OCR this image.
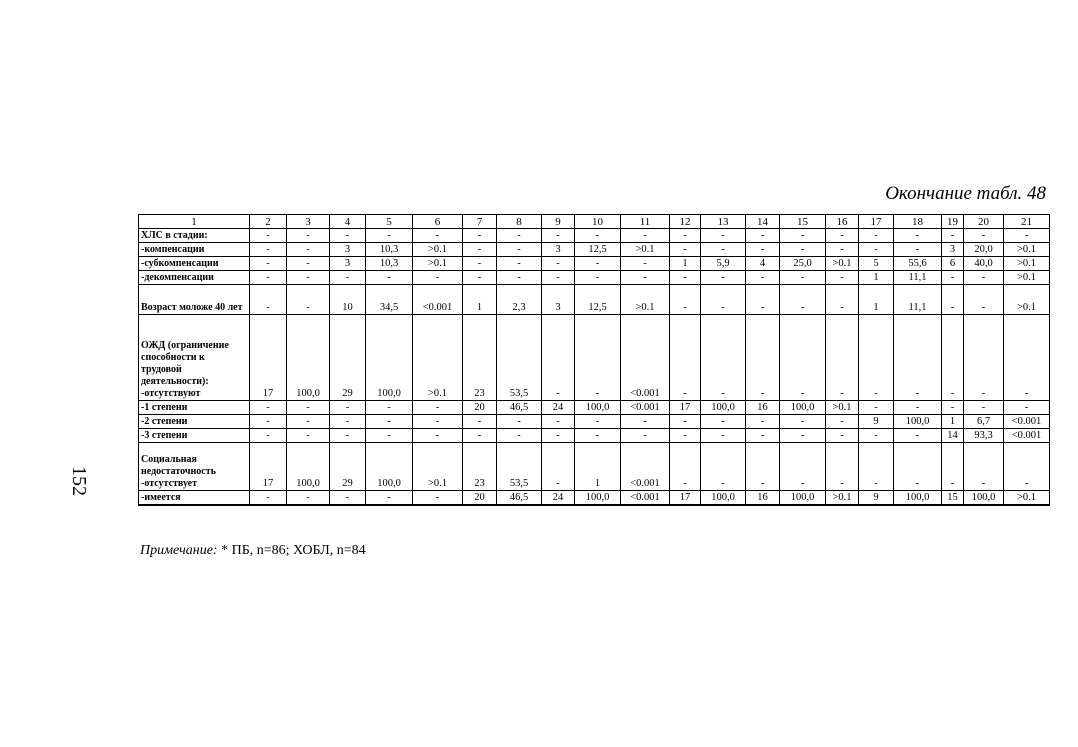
152
Окончание табл. 48
1	2	3	4	5	6	7	8	9	10	11	12	13	14	15	16	17	18	19	20	21
ХЛС в стадии:	-	-	-	-	-	-	-	-	-	-	-	-	-	-	-	-	-	-	-	-
-компенсации	-	-	3	10,3	>0.1	-	-	3	12,5	>0.1	-	-	-	-	-	-	-	3	20,0	>0.1
-субкомпенсации	-	-	3	10,3	>0.1	-	-	-	-	-	1	5,9	4	25,0	>0.1	5	55,6	6	40,0	>0.1
-декомпенсации	-	-	-	-	-	-	-	-	-	-	-	-	-	-	-	1	11,1	-	-	>0.1
Возраст моложе 40 лет	-	-	10	34,5	<0.001	1	2,3	3	12,5	>0.1	-	-	-	-	-	1	11,1	-	-	>0.1
ОЖД (ограничение способности к трудовой деятельности): -отсутствуют	17	100,0	29	100,0	>0.1	23	53,5	-	-	<0.001	-	-	-	-	-	-	-	-	-	-
-1 степени	-	-	-	-	-	20	46,5	24	100,0	<0.001	17	100,0	16	100,0	>0.1	-	-	-	-	-
-2 степени	-	-	-	-	-	-	-	-	-	-	-	-	-	-	-	9	100,0	1	6,7	<0.001
-3 степени	-	-	-	-	-	-	-	-	-	-	-	-	-	-	-	-	-	14	93,3	<0.001
Социальная недостаточность -отсутствует	17	100,0	29	100,0	>0.1	23	53,5	-	1	<0.001	-	-	-	-	-	-	-	-	-	-
-имеется	-	-	-	-	-	20	46,5	24	100,0	<0.001	17	100,0	16	100,0	>0.1	9	100,0	15	100,0	>0.1
Примечание: * ПБ, n=86; ХОБЛ, n=84
